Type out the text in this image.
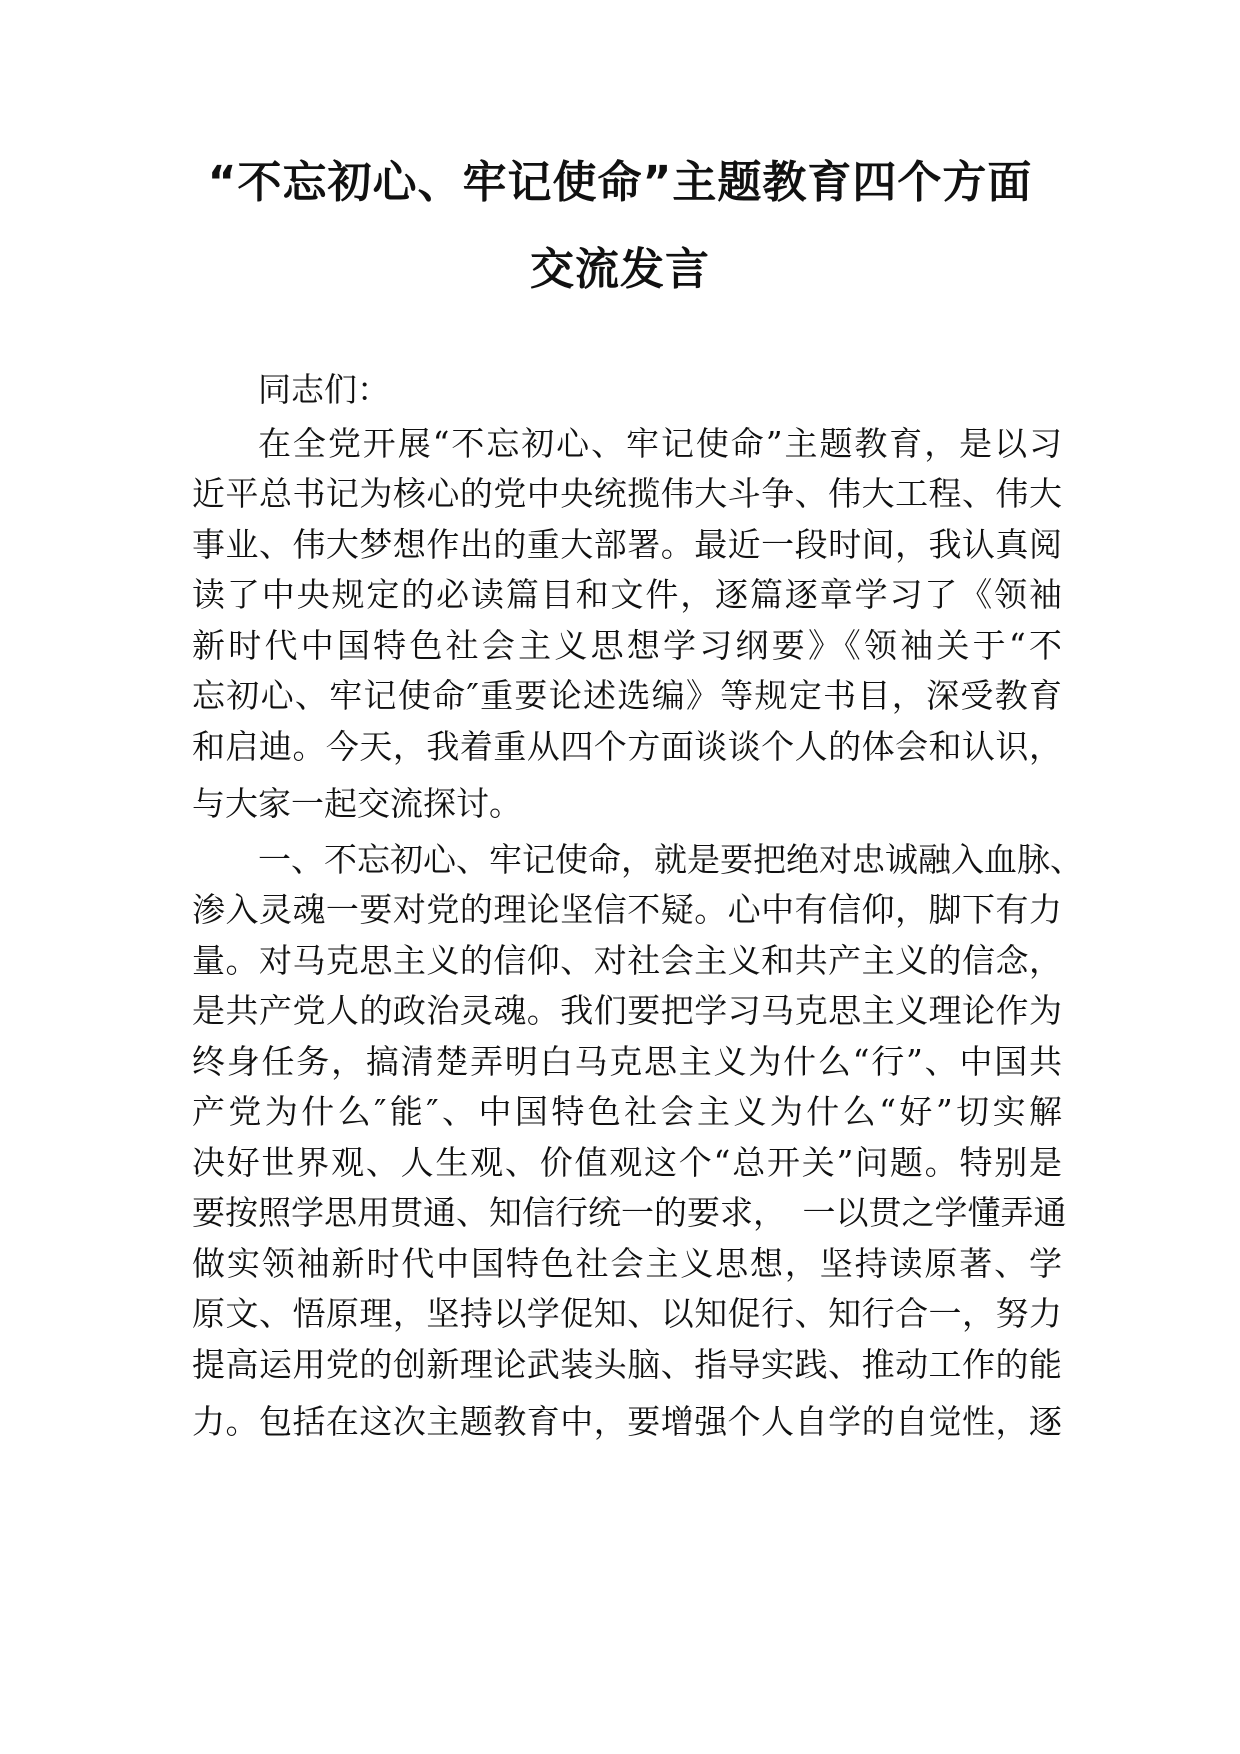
“不忘初心、牢记使命”主题教育四个方面
交流发言
同志们：
在全党开展“不忘初心、牢记使命”主题教育，是以习
近平总书记为核心的党中央统揽伟大斗争、伟大工程、伟大
事业、伟大梦想作出的重大部署。最近一段时间，我认真阅
读了中央规定的必读篇目和文件，逐篇逐章学习了《领袖
新时代中国特色社会主义思想学习纲要》《领袖关于“不
忘初心、牢记使命″重要论述选编》等规定书目，深受教育
和启迪。今天，我着重从四个方面谈谈个人的体会和认识，
与大家一起交流探讨。
一、不忘初心、牢记使命，就是要把绝对忠诚融入血脉、
渗入灵魂一要对党的理论坚信不疑。心中有信仰，脚下有力
量。对马克思主义的信仰、对社会主义和共产主义的信念，
是共产党人的政治灵魂。我们要把学习马克思主义理论作为
终身任务，搞清楚弄明白马克思主义为什么“行”、中国共
产党为什么″能″、中国特色社会主义为什么“好”切实解
决好世界观、人生观、价值观这个“总开关”问题。特别是
要按照学思用贯通、知信行统一的要求，　一以贯之学懂弄通
做实领袖新时代中国特色社会主义思想，坚持读原著、学
原文、悟原理，坚持以学促知、以知促行、知行合一，努力
提高运用党的创新理论武装头脑、指导实践、推动工作的能
力。包括在这次主题教育中，要增强个人自学的自觉性，逐
